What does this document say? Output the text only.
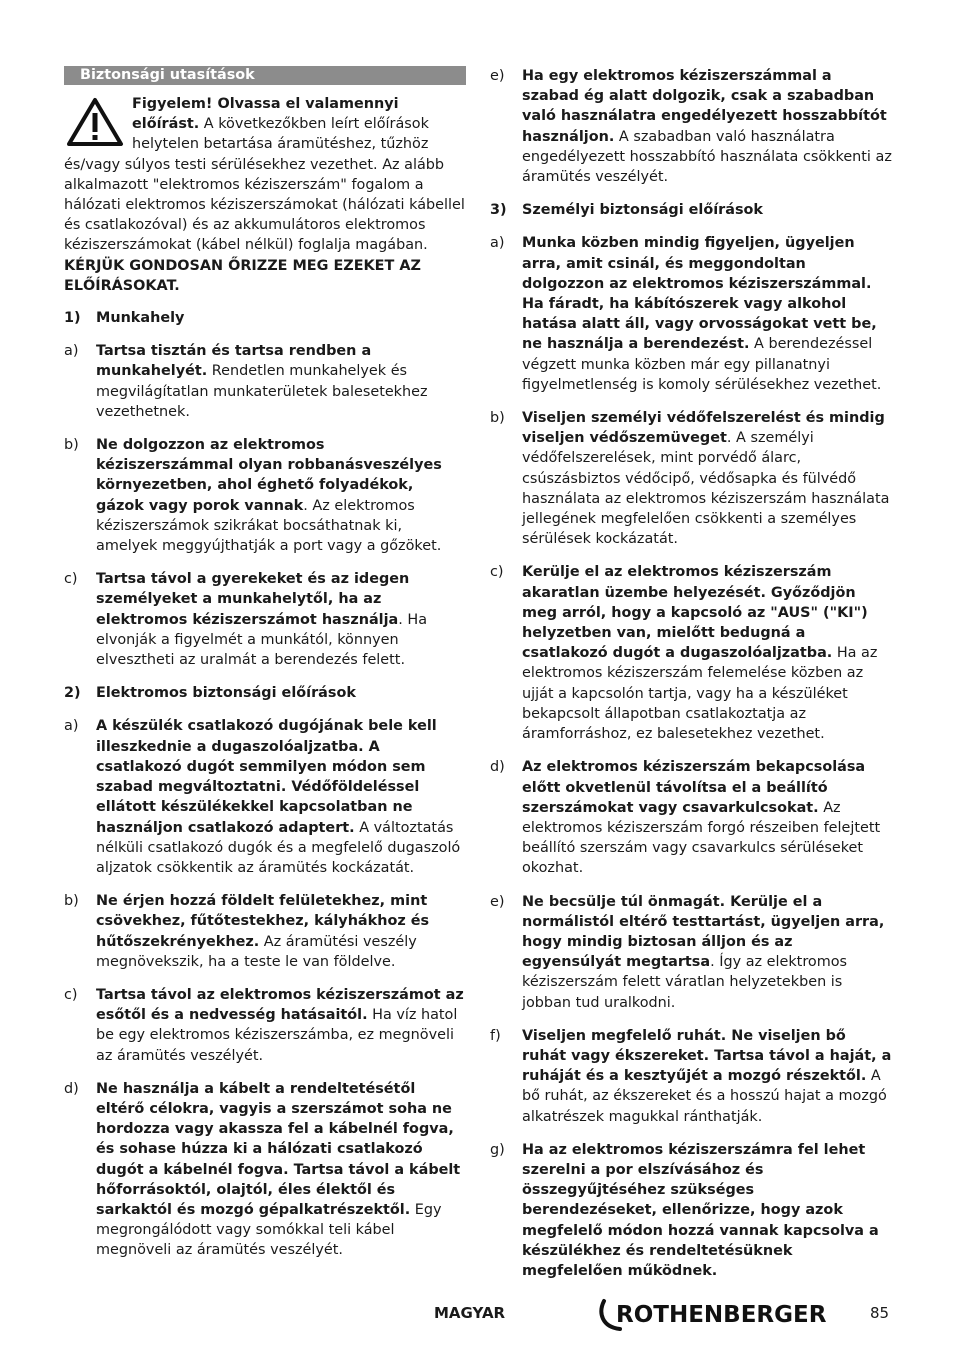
Biztonsági utasítások
Figyelem! Olvassa el valamennyi előírást. A következőkben leírt előírások helytelen betartása áramütéshez, tűzhöz és/vagy súlyos testi sérülésekhez vezethet. Az alább alkalmazott "elektromos kéziszerszám" fogalom a hálózati elektromos kéziszerszámokat (hálózati kábellel és csatlakozóval) és az akkumulátoros elektromos kéziszerszámokat (kábel nélkül) foglalja magában.
KÉRJÜK GONDOSAN ŐRIZZE MEG EZEKET AZ ELŐÍRÁSOKAT.
1)	Munkahely
a)	Tartsa tisztán és tartsa rendben a munkahelyét. Rendetlen munkahelyek és megvilágítatlan munkaterületek balesetekhez vezethetnek.
b)	Ne dolgozzon az elektromos kéziszerszámmal olyan robbanásveszélyes környezetben, ahol éghető folyadékok, gázok vagy porok vannak. Az elektromos kéziszerszámok szikrákat bocsáthatnak ki, amelyek meggyújthatják a port vagy a gőzöket.
c)	Tartsa távol a gyerekeket és az idegen személyeket a munkahelytől, ha az elektromos kéziszerszámot használja. Ha elvonják a figyelmét a munkától, könnyen elvesztheti az uralmát a berendezés felett.
2)	Elektromos biztonsági előírások
a)	A készülék csatlakozó dugójának bele kell illeszkednie a dugaszolóaljzatba. A csatlakozó dugót semmilyen módon sem szabad megváltoztatni. Védőföldeléssel ellátott készülékekkel kapcsolatban ne használjon csatlakozó adaptert. A változtatás nélküli csatlakozó dugók és a megfelelő dugaszoló aljzatok csökkentik az áramütés kockázatát.
b)	Ne érjen hozzá földelt felületekhez, mint csövekhez, fűtőtestekhez, kályhákhoz és hűtőszekrényekhez. Az áramütési veszély megnövekszik, ha a teste le van földelve.
c)	Tartsa távol az elektromos kéziszerszámot az esőtől és a nedvesség hatásaitól. Ha víz hatol be egy elektromos kéziszerszámba, ez megnöveli az áramütés veszélyét.
d)	Ne használja a kábelt a rendeltetésétől eltérő célokra, vagyis a szerszámot soha ne hordozza vagy akassza fel a kábelnél fogva, és sohase húzza ki a hálózati csatlakozó dugót a kábelnél fogva. Tartsa távol a kábelt hőforrásoktól, olajtól, éles élektől és sarkaktól és mozgó gépalkatrészektől. Egy megrongálódott vagy somókkal teli kábel megnöveli az áramütés veszélyét.
e)	Ha egy elektromos kéziszerszámmal a szabad ég alatt dolgozik, csak a szabadban való használatra engedélyezett hosszabbítót használjon. A szabadban való használatra engedélyezett hosszabbító használata csökkenti az áramütés veszélyét.
3)	Személyi biztonsági előírások
a)	Munka közben mindig figyeljen, ügyeljen arra, amit csinál, és meggondoltan dolgozzon az elektromos kéziszerszámmal. Ha fáradt, ha kábítószerek vagy alkohol hatása alatt áll, vagy orvosságokat vett be, ne használja a berendezést. A berendezéssel végzett munka közben már egy pillanatnyi figyelmetlenség is komoly sérülésekhez vezethet.
b)	Viseljen személyi védőfelszerelést és mindig viseljen védőszemüveget. A személyi védőfelszerelések, mint porvédő álarc, csúszásbiztos védőcipő, védősapka és fülvédő használata az elektromos kéziszerszám használata jellegének megfelelően csökkenti a személyes sérülések kockázatát.
c)	Kerülje el az elektromos kéziszerszám akaratlan üzembe helyezését. Győződjön meg arról, hogy a kapcsoló az "AUS" ("KI") helyzetben van, mielőtt bedugná a csatlakozó dugót a dugaszolóaljzatba. Ha az elektromos kéziszerszám felemelése közben az ujját a kapcsolón tartja, vagy ha a készüléket bekapcsolt állapotban csatlakoztatja az áramforráshoz, ez balesetekhez vezethet.
d)	Az elektromos kéziszerszám bekapcsolása előtt okvetlenül távolítsa el a beállító szerszámokat vagy csavarkulcsokat. Az elektromos kéziszerszám forgó részeiben felejtett beállító szerszám vagy csavarkulcs sérüléseket okozhat.
e)	Ne becsülje túl önmagát. Kerülje el a normálistól eltérő testtartást, ügyeljen arra, hogy mindig biztosan álljon és az egyensúlyát megtartsa. Így az elektromos kéziszerszám felett váratlan helyzetekben is jobban tud uralkodni.
f)	Viseljen megfelelő ruhát. Ne viseljen bő ruhát vagy ékszereket. Tartsa távol a haját, a ruháját és a kesztyűjét a mozgó részektől. A bő ruhát, az ékszereket és a hosszú hajat a mozgó alkatrészek magukkal ránthatják.
g)	Ha az elektromos kéziszerszámra fel lehet szerelni a por elszívásához és összegyűjtéséhez szükséges berendezéseket, ellenőrizze, hogy azok megfelelő módon hozzá vannak kapcsolva a készülékhez és rendeltetésüknek megfelelően működnek.
MAGYAR	ROTHENBERGER	85
